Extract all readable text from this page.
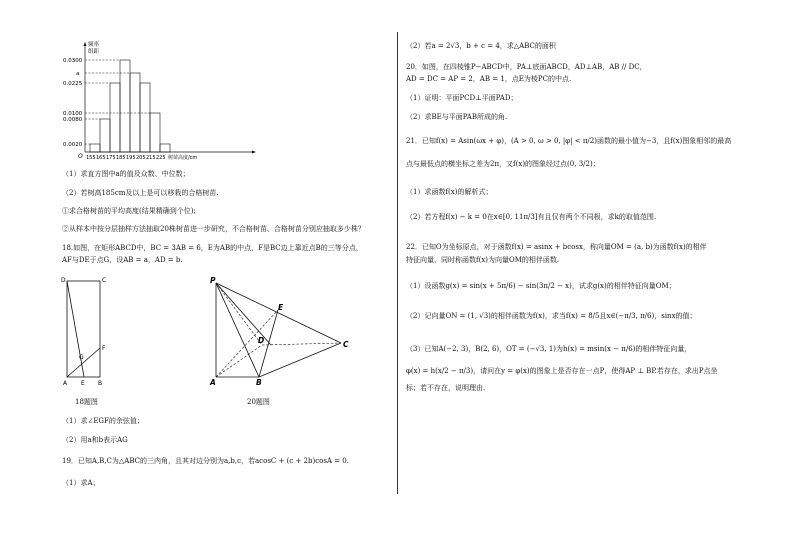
频率
组距
0.0300
a
0.0225
0.0100
0.0080
0.0020
O 155 165 175 185 195 205 215 225 树苗高度/cm
（1）求直方图中a的值及众数、中位数；
（2）若树高185cm及以上是可以移栽的合格树苗.
①求合格树苗的平均高度(结果精确到个位);
②从样本中按分层抽样方法抽取20株树苗进一步研究，不合格树苗、合格树苗分别应抽取多少株？
18.如图，在矩形ABCD中，BC = 3AB = 6，E为AB的中点，F是BC边上靠近点B的三等分点，
AF与DE于点G，设AB = a，AD = b.
D	C
F
G
A E B
P
E
D	C
A	B
18题图	20题图
（1）求∠EGF的余弦值；
（2）用a和b表示AG
19．已知A,B,C为△ABC的三内角，且其对边分别为a,b,c，若acosC + (c + 2b)cosA = 0.
（1）求A；
（2）若a = 2√3，b + c = 4，求△ABC的面积
20．如图，在四棱锥P−ABCD中，PA⊥底面ABCD，AD⊥AB，AB // DC，
AD = DC = AP = 2，AB = 1，点E为棱PC的中点.
（1）证明：平面PCD⊥平面PAD；
（2）求BE与平面PAB所成的角.
21．已知f(x) = Asin(ωx + φ)，(A > 0, ω > 0, |φ| < π/2)函数的最小值为−3，且f(x)图象相邻的最高
点与最低点的横坐标之差为2π，又f(x)的图象经过点(0, 3/2)；
（1）求函数f(x)的解析式；
（2）若方程f(x) − k = 0在x∈[0, 11π/3]有且仅有两个不同根，求k的取值范围.
22．已知O为坐标原点，对于函数f(x) = asinx + bcosx，称向量OM = (a, b)为函数f(x)的相伴
特征向量，同时称函数f(x)为向量OM的相伴函数.
（1）设函数g(x) = sin(x + 5π/6) − sin(3π/2 − x)，试求g(x)的相伴特征向量OM；
（2）记向量ON = (1, √3)的相伴函数为f(x)，求当f(x) = 8/5且x∈(−π/3, π/6)，sinx的值；
（3）已知A(−2, 3)，B(2, 6)，OT = (−√3, 1)为h(x) = msin(x − π/6)的相伴特征向量，
φ(x) = h(x/2 − π/3)，请问在y = φ(x)的图象上是否存在一点P，使得AP ⊥ BP.若存在，求出P点坐
标；若不存在，说明理由.
